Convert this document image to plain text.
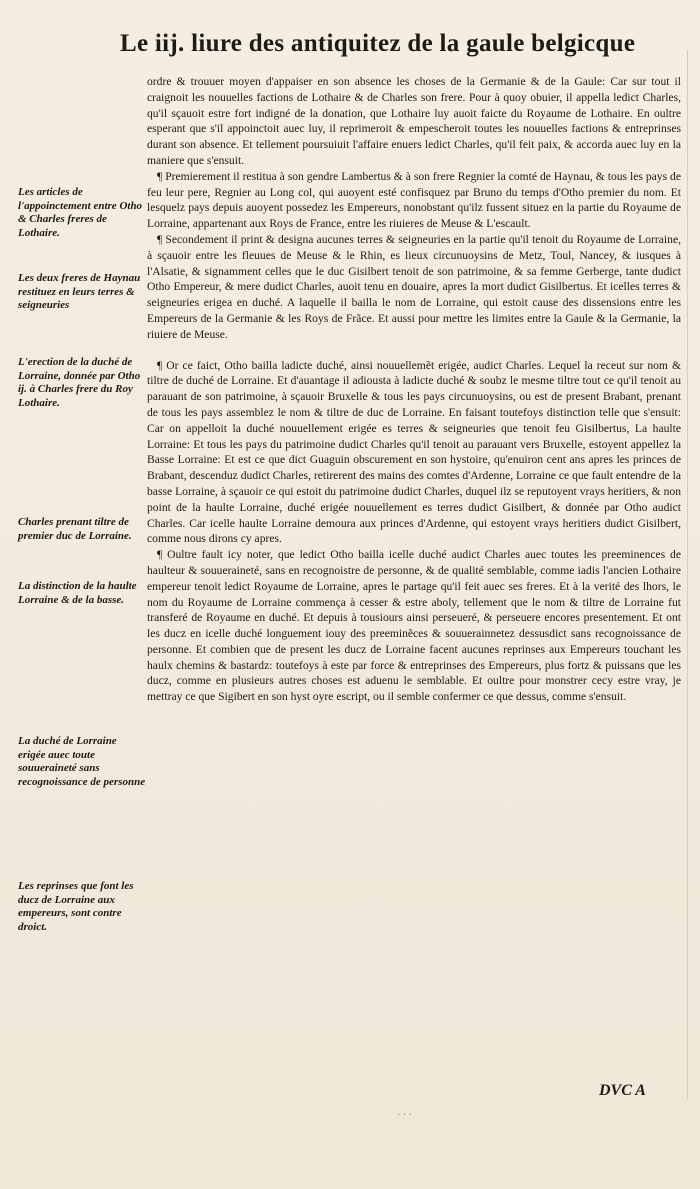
Le iij. liure des antiquitez de la gaule belgicque
Les articles de l'appoinctement entre Otho & Charles freres de Lothaire.
Les deux freres de Haynau restituez en leurs terres & seigneuries
L'erection de la duché de Lorraine, donnée par Otho ij. à Charles frere du Roy Lothaire.
Charles prenant tiltre de premier duc de Lorraine.
La distinction de la haulte Lorraine & de la basse.
La duché de Lorraine erigée auec toute souueraineté sans recognoissance de personne
Les reprinses que font les ducz de Lorraine aux empereurs, sont contre droict.

ordre & trouuer moyen d'appaiser en son absence les choses de la Germanie & de la Gaule: Car sur tout il craignoit les nouuelles factions de Lothaire & de Charles son frere. Pour à quoy obuier, il appella ledict Charles, qu'il sçauoit estre fort indigné de la donation, que Lothaire luy auoit faicte du Royaume de Lothaire. En oultre esperant que s'il appoinctoit auec luy, il reprimeroit & empescheroit toutes les nouuelles factions & entreprinses durant son absence. Et tellement poursuiuit l'affaire enuers ledict Charles, qu'il feit paix, & accorda auec luy en la maniere que s'ensuit.

¶ Premierement il restitua à son gendre Lambertus & à son frere Regnier la comté de Haynau, & tous les pays de feu leur pere, Regnier au Long col, qui auoyent esté confisquez par Bruno du temps d'Otho premier du nom. Et lesquelz pays depuis auoyent possedez les Empereurs, nonobstant qu'ilz fussent situez en la partie du Royaume de Lorraine, appartenant aux Roys de France, entre les riuieres de Meuse & L'escault.

¶ Secondement il print & designa aucunes terres & seigneuries en la partie qu'il tenoit du Royaume de Lorraine, à sçauoir entre les fleuues de Meuse & le Rhin, es lieux circunuoysins de Metz, Toul, Nancey, & iusques à l'Alsatie, & signamment celles que le duc Gisilbert tenoit de son patrimoine, & sa femme Gerberge, tante dudict Otho Empereur, & mere dudict Charles, auoit tenu en douaire, apres la mort dudict Gisilbertus. Et icelles terres & seigneuries erigea en duché. A laquelle il bailla le nom de Lorraine, qui estoit cause des dissensions entre les Empereurs de la Germanie & les Roys de Frãce. Et aussi pour mettre les limites entre la Gaule & la Germanie, la riuiere de Meuse.

¶ Or ce faict, Otho bailla ladicte duché, ainsi nouuellemẽt erigée, audict Charles. Lequel la receut sur nom & tiltre de duché de Lorraine. Et d'auantage il adiousta à ladicte duché & soubz le mesme tiltre tout ce qu'il tenoit au parauant de son patrimoine, à sçauoir Bruxelle & tous les pays circunuoysins, ou est de present Brabant, prenant de tous les pays assemblez le nom & tiltre de duc de Lorraine. En faisant toutefoys distinction telle que s'ensuit: Car on appelloit la duché nouuellement erigée es terres & seigneuries que tenoit feu Gisilbertus, La haulte Lorraine: Et tous les pays du patrimoine dudict Charles qu'il tenoit au parauant vers Bruxelle, estoyent appellez la Basse Lorraine: Et est ce que dict Guaguin obscurement en son hystoire, qu'enuiron cent ans apres les princes de Brabant, descenduz dudict Charles, retirerent des mains des comtes d'Ardenne, Lorraine ce que fault entendre de la basse Lorraine, à sçauoir ce qui estoit du patrimoine dudict Charles, duquel ilz se reputoyent vrays heritiers, & non point de la haulte Lorraine, duché erigée nouuellement es terres dudict Gisilbert, & donnée par Otho audict Charles. Car icelle haulte Lorraine demoura aux princes d'Ardenne, qui estoyent vrays heritiers dudict Gisilbert, comme nous dirons cy apres.

¶ Oultre fault icy noter, que ledict Otho bailla icelle duché audict Charles auec toutes les preeminences de haulteur & souueraineté, sans en recognoistre de personne, & de qualité semblable, comme iadis l'ancien Lothaire empereur tenoit ledict Royaume de Lorraine, apres le partage qu'il feit auec ses freres. Et à la verité des lhors, le nom du Royaume de Lorraine commença à cesser & estre aboly, tellement que le nom & tiltre de Lorraine fut transferé de Royaume en duché. Et depuis à tousiours ainsi perseueré, & perseuere encores presentement. Et ont les ducz en icelle duché longuement iouy des preeminẽces & souuerainnetez dessusdict sans recognoissance de personne. Et combien que de present les ducz de Lorraine facent aucunes reprinses aux Empereurs touchant les haulx chemins & bastardz: toutefoys à este par force & entreprinses des Empereurs, plus fortz & puissans que les ducz, comme en plusieurs autres choses est aduenu le semblable. Et oultre pour monstrer cecy estre vray, je mettray ce que Sigibert en son hyst oyre escript, ou il semble confermer ce que dessus, comme s'ensuit.

DVC A
· · ·
